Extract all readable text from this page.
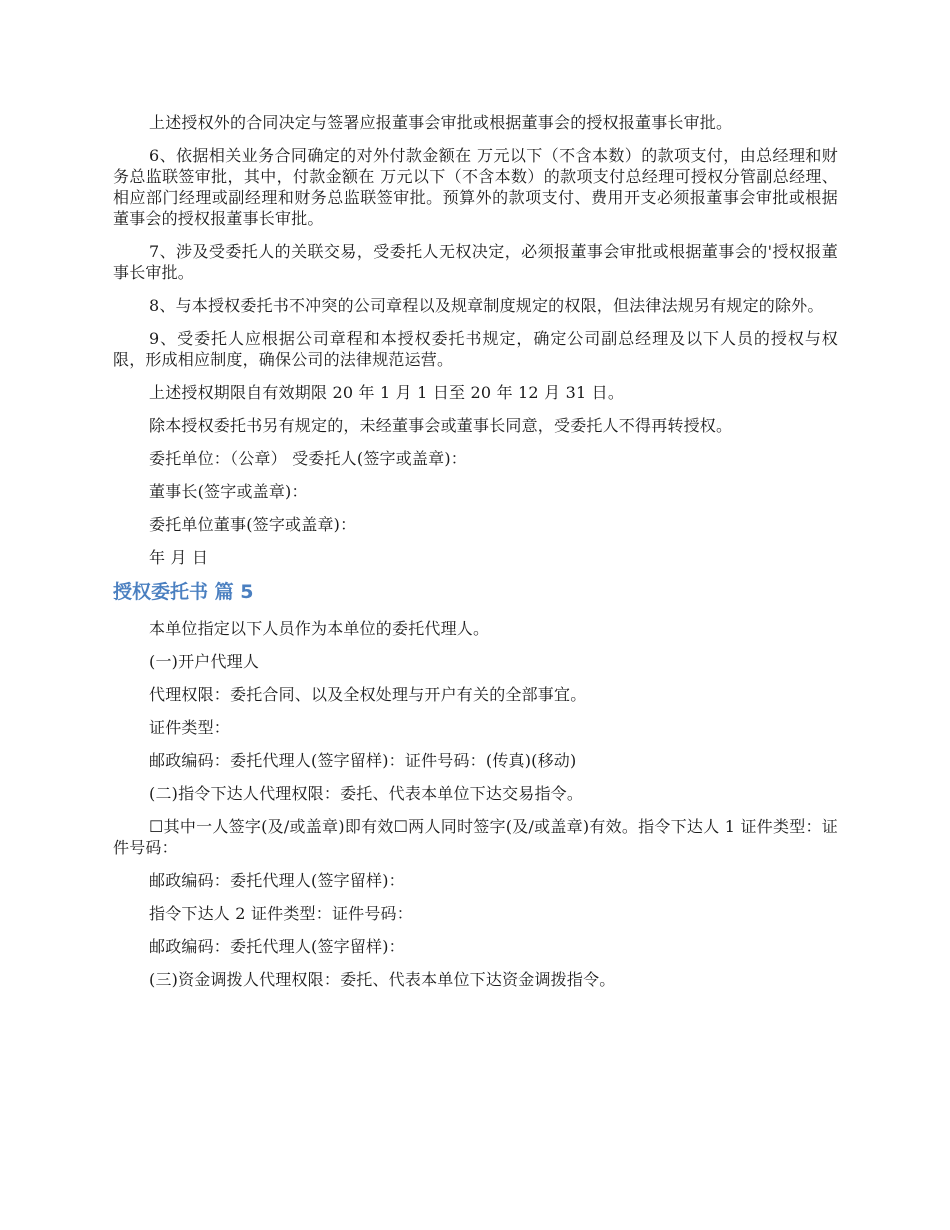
上述授权外的合同决定与签署应报董事会审批或根据董事会的授权报董事长审批。

6、依据相关业务合同确定的对外付款金额在 万元以下（不含本数）的款项支付，由总经理和财务总监联签审批，其中，付款金额在 万元以下（不含本数）的款项支付总经理可授权分管副总经理、相应部门经理或副经理和财务总监联签审批。预算外的款项支付、费用开支必须报董事会审批或根据董事会的授权报董事长审批。

7、涉及受委托人的关联交易，受委托人无权决定，必须报董事会审批或根据董事会的'授权报董事长审批。

8、与本授权委托书不冲突的公司章程以及规章制度规定的权限，但法律法规另有规定的除外。

9、受委托人应根据公司章程和本授权委托书规定，确定公司副总经理及以下人员的授权与权限，形成相应制度，确保公司的法律规范运营。

上述授权期限自有效期限 20 年 1 月 1 日至 20 年 12 月 31 日。

除本授权委托书另有规定的，未经董事会或董事长同意，受委托人不得再转授权。

委托单位：（公章） 受委托人(签字或盖章)：

董事长(签字或盖章)：

委托单位董事(签字或盖章)：

年 月 日

授权委托书 篇 5

本单位指定以下人员作为本单位的委托代理人。

(一)开户代理人

代理权限：委托合同、以及全权处理与开户有关的全部事宜。

证件类型：

邮政编码：委托代理人(签字留样)：证件号码：(传真)(移动)

(二)指令下达人代理权限：委托、代表本单位下达交易指令。

☐其中一人签字(及/或盖章)即有效☐两人同时签字(及/或盖章)有效。指令下达人 1 证件类型：证件号码：

邮政编码：委托代理人(签字留样)：

指令下达人 2 证件类型：证件号码：

邮政编码：委托代理人(签字留样)：

(三)资金调拨人代理权限：委托、代表本单位下达资金调拨指令。
